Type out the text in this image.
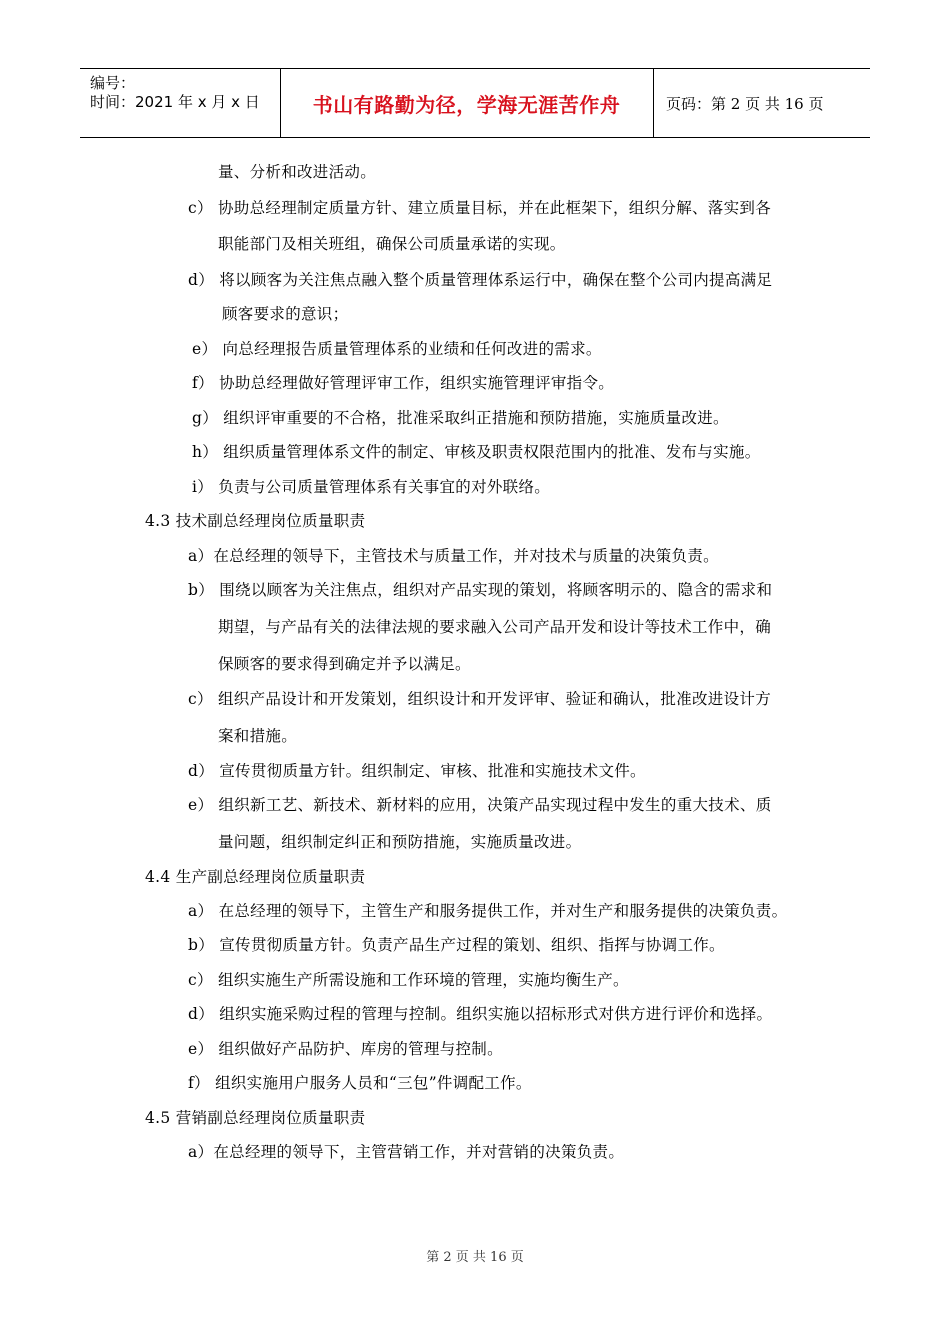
编号：
时间：2021 年 x 月 x 日	书山有路勤为径，学海无涯苦作舟	页码：第 2 页 共 16 页
量、分析和改进活动。
c） 协助总经理制定质量方针、建立质量目标，并在此框架下，组织分解、落实到各
职能部门及相关班组，确保公司质量承诺的实现。
d） 将以顾客为关注焦点融入整个质量管理体系运行中，确保在整个公司内提高满足
顾客要求的意识；
e） 向总经理报告质量管理体系的业绩和任何改进的需求。
f） 协助总经理做好管理评审工作，组织实施管理评审指令。
g） 组织评审重要的不合格，批准采取纠正措施和预防措施，实施质量改进。
h） 组织质量管理体系文件的制定、审核及职责权限范围内的批准、发布与实施。
i） 负责与公司质量管理体系有关事宜的对外联络。
4.3 技术副总经理岗位质量职责
a）在总经理的领导下，主管技术与质量工作，并对技术与质量的决策负责。
b） 围绕以顾客为关注焦点，组织对产品实现的策划，将顾客明示的、隐含的需求和
期望，与产品有关的法律法规的要求融入公司产品开发和设计等技术工作中，确
保顾客的要求得到确定并予以满足。
c） 组织产品设计和开发策划，组织设计和开发评审、验证和确认，批准改进设计方
案和措施。
d） 宣传贯彻质量方针。组织制定、审核、批准和实施技术文件。
e） 组织新工艺、新技术、新材料的应用，决策产品实现过程中发生的重大技术、质
量问题，组织制定纠正和预防措施，实施质量改进。
4.4 生产副总经理岗位质量职责
a） 在总经理的领导下，主管生产和服务提供工作，并对生产和服务提供的决策负责。
b） 宣传贯彻质量方针。负责产品生产过程的策划、组织、指挥与协调工作。
c） 组织实施生产所需设施和工作环境的管理，实施均衡生产。
d） 组织实施采购过程的管理与控制。组织实施以招标形式对供方进行评价和选择。
e） 组织做好产品防护、库房的管理与控制。
f） 组织实施用户服务人员和“三包”件调配工作。
4.5 营销副总经理岗位质量职责
a）在总经理的领导下，主管营销工作，并对营销的决策负责。
第 2 页 共 16 页
